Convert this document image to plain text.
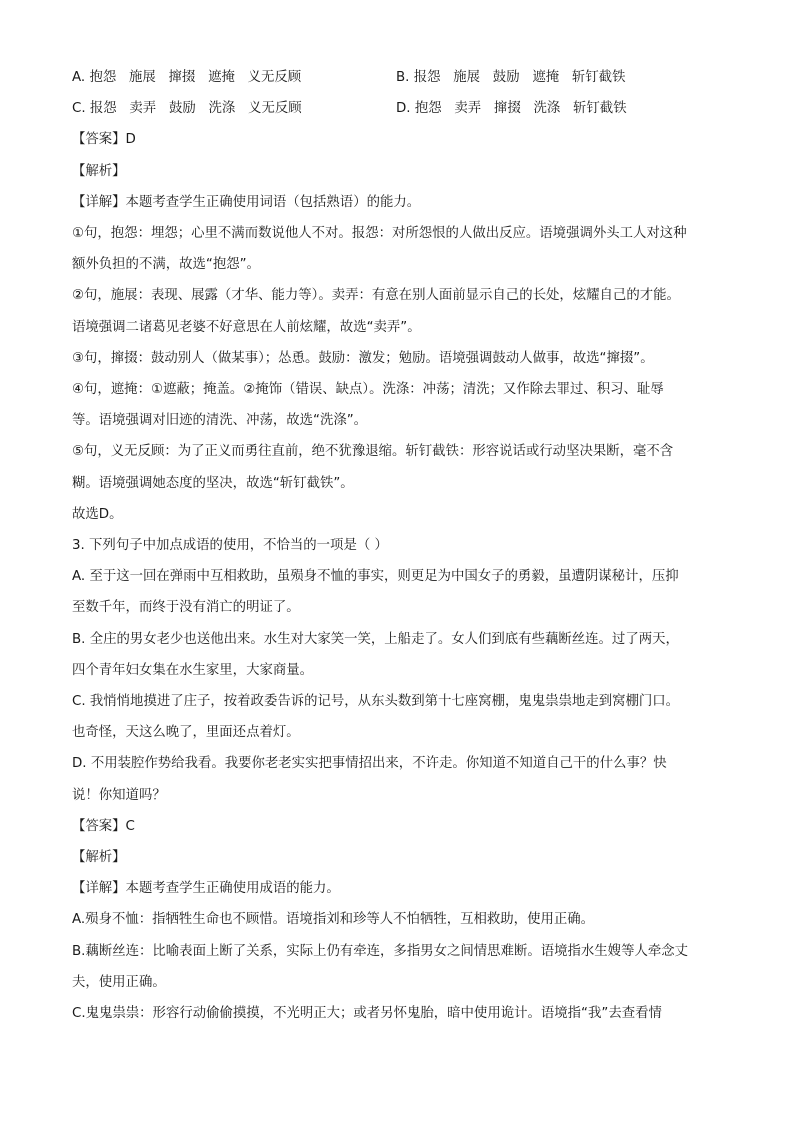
A. 抱怨   施展   撺掇   遮掩   义无反顾	B. 报怨   施展   鼓励   遮掩   斩钉截铁
C. 报怨   卖弄   鼓励   洗涤   义无反顾	D. 抱怨   卖弄   撺掇   洗涤   斩钉截铁
【答案】D
【解析】
【详解】本题考查学生正确使用词语（包括熟语）的能力。
①句，抱怨：埋怨；心里不满而数说他人不对。报怨：对所怨恨的人做出反应。语境强调外头工人对这种
额外负担的不满，故选“抱怨”。
②句，施展：表现、展露（才华、能力等）。卖弄：有意在别人面前显示自己的长处，炫耀自己的才能。
语境强调二诸葛见老婆不好意思在人前炫耀，故选“卖弄”。
③句，撺掇：鼓动别人（做某事）；怂恿。鼓励：激发；勉励。语境强调鼓动人做事，故选“撺掇”。
④句，遮掩：①遮蔽；掩盖。②掩饰（错误、缺点）。洗涤：冲荡；清洗；又作除去罪过、积习、耻辱
等。语境强调对旧迹的清洗、冲荡，故选“洗涤”。
⑤句，义无反顾：为了正义而勇往直前，绝不犹豫退缩。斩钉截铁：形容说话或行动坚决果断，毫不含
糊。语境强调她态度的坚决，故选“斩钉截铁”。
故选D。
3. 下列句子中加点成语的使用，不恰当的一项是（ ）
A. 至于这一回在弹雨中互相救助，虽殒身不恤的事实，则更足为中国女子的勇毅，虽遭阴谋秘计，压抑
至数千年，而终于没有消亡的明证了。
B. 全庄的男女老少也送他出来。水生对大家笑一笑，上船走了。女人们到底有些藕断丝连。过了两天，
四个青年妇女集在水生家里，大家商量。
C. 我悄悄地摸进了庄子，按着政委告诉的记号，从东头数到第十七座窝棚，鬼鬼祟祟地走到窝棚门口。
也奇怪，天这么晚了，里面还点着灯。
D. 不用装腔作势给我看。我要你老老实实把事情招出来，不许走。你知道不知道自己干的什么事？快
说！你知道吗？
【答案】C
【解析】
【详解】本题考查学生正确使用成语的能力。
A.殒身不恤：指牺牲生命也不顾惜。语境指刘和珍等人不怕牺牲，互相救助，使用正确。
B.藕断丝连：比喻表面上断了关系，实际上仍有牵连，多指男女之间情思难断。语境指水生嫂等人牵念丈
夫，使用正确。
C.鬼鬼祟祟：形容行动偷偷摸摸，不光明正大；或者另怀鬼胎，暗中使用诡计。语境指“我”去查看情
